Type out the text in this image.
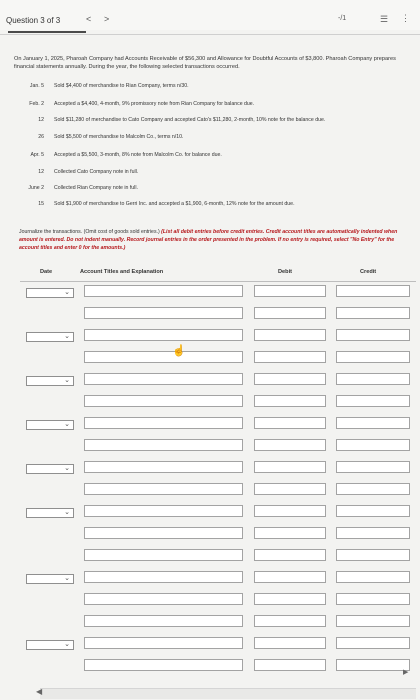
Question 3 of 3	< >	-/1	☰ ⋮
On January 1, 2025, Pharoah Company had Accounts Receivable of $56,300 and Allowance for Doubtful Accounts of $3,800. Pharoah Company prepares financial statements annually. During the year, the following selected transactions occurred.
Jan. 5 Sold $4,400 of merchandise to Rian Company, terms n/30.
Feb. 2 Accepted a $4,400, 4-month, 9% promissory note from Rian Company for balance due.
12 Sold $11,280 of merchandise to Cato Company and accepted Cato's $11,280, 2-month, 10% note for the balance due.
26 Sold $5,500 of merchandise to Malcolm Co., terms n/10.
Apr. 5 Accepted a $5,500, 3-month, 8% note from Malcolm Co. for balance due.
12 Collected Cato Company note in full.
June 2 Collected Rian Company note in full.
15 Sold $1,900 of merchandise to Gerri Inc. and accepted a $1,900, 6-month, 12% note for the amount due.
Journalize the transactions. (Omit cost of goods sold entries.) (List all debit entries before credit entries. Credit account titles are automatically indented when amount is entered. Do not indent manually. Record journal entries in the order presented in the problem. If no entry is required, select "No Entry" for the account titles and enter 0 for the amounts.)
Date	Account Titles and Explanation	Debit	Credit
⌄
⌄
⌄
⌄
⌄
⌄
⌄
⌄
☝
◀
▶
